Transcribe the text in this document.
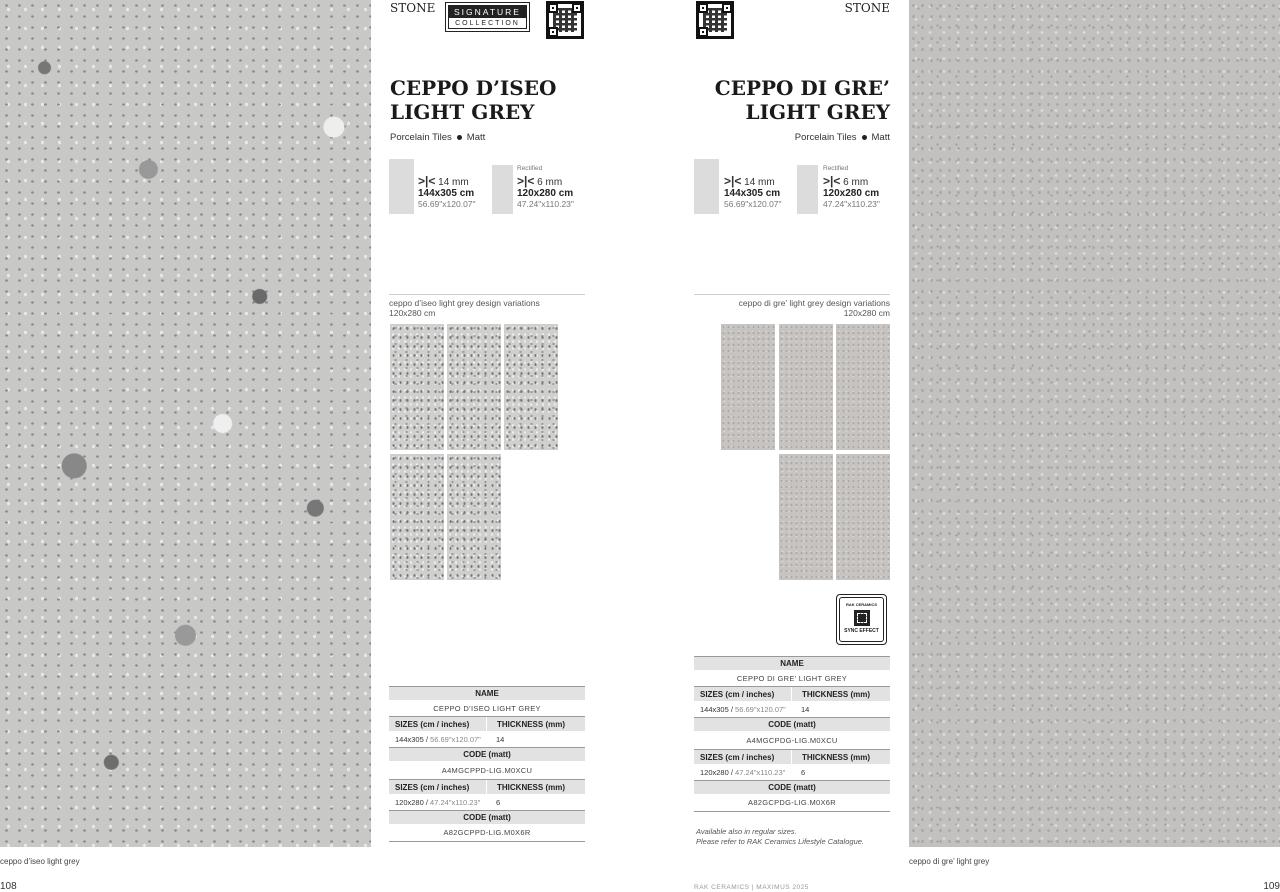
STONE	SIGNATURE
COLLECTION
CEPPO D’ISEO
LIGHT GREY
Porcelain Tiles Matt
>|< 14 mm
144x305 cm
56.69"x120.07"
Rectified
>|< 6 mm
120x280 cm
47.24"x110.23"
ceppo d’iseo light grey design variations
120x280 cm
NAME
CEPPO D’ISEO LIGHT GREY
SIZES (cm / inches)	THICKNESS (mm)
144x305 / 56.69"x120.07"	14
CODE (matt)
A4MGCPPD-LIG.M0XCU
SIZES (cm / inches)	THICKNESS (mm)
120x280 / 47.24"x110.23"	6
CODE (matt)
A82GCPPD-LIG.M0X6R
ceppo d’iseo light grey
108
STONE
CEPPO DI GRE’
LIGHT GREY
Porcelain Tiles Matt
>|< 14 mm
144x305 cm
56.69"x120.07"
Rectified
>|< 6 mm
120x280 cm
47.24"x110.23"
ceppo di gre’ light grey design variations
120x280 cm
RAK CERAMICS
SYNC EFFECT
NAME
CEPPO DI GRE’ LIGHT GREY
SIZES (cm / inches)	THICKNESS (mm)
144x305 / 56.69"x120.07"	14
CODE (matt)
A4MGCPDG-LIG.M0XCU
SIZES (cm / inches)	THICKNESS (mm)
120x280 / 47.24"x110.23"	6
CODE (matt)
A82GCPDG-LIG.M0X6R
Available also in regular sizes.
Please refer to RAK Ceramics Lifestyle Catalogue.
ceppo di gre’ light grey
RAK CERAMICS | MAXIMUS 2025	109
